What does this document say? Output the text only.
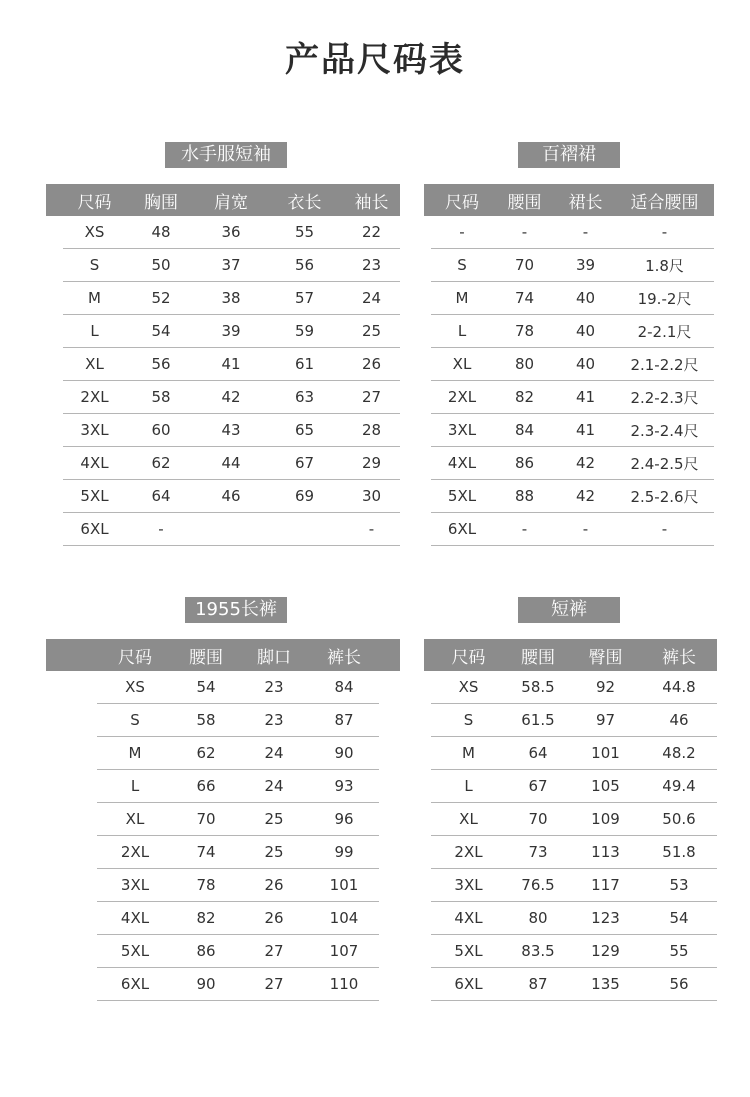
产品尺码表
水手服短袖
	尺码	胸围	肩宽	衣长	袖长
	XS	48	36	55	22
	S	50	37	56	23
	M	52	38	57	24
	L	54	39	59	25
	XL	56	41	61	26
	2XL	58	42	63	27
	3XL	60	43	65	28
	4XL	62	44	67	29
	5XL	64	46	69	30
	6XL	-			-
百褶裙
	尺码	腰围	裙长	适合腰围
	-	-	-	-
	S	70	39	1.8尺
	M	74	40	19.-2尺
	L	78	40	2-2.1尺
	XL	80	40	2.1-2.2尺
	2XL	82	41	2.2-2.3尺
	3XL	84	41	2.3-2.4尺
	4XL	86	42	2.4-2.5尺
	5XL	88	42	2.5-2.6尺
	6XL	-	-	-
1955长裤
	尺码	腰围	脚口	裤长	
	XS	54	23	84	
	S	58	23	87	
	M	62	24	90	
	L	66	24	93	
	XL	70	25	96	
	2XL	74	25	99	
	3XL	78	26	101	
	4XL	82	26	104	
	5XL	86	27	107	
	6XL	90	27	110	
短裤
	尺码	腰围	臀围	裤长
	XS	58.5	92	44.8
	S	61.5	97	46
	M	64	101	48.2
	L	67	105	49.4
	XL	70	109	50.6
	2XL	73	113	51.8
	3XL	76.5	117	53
	4XL	80	123	54
	5XL	83.5	129	55
	6XL	87	135	56
